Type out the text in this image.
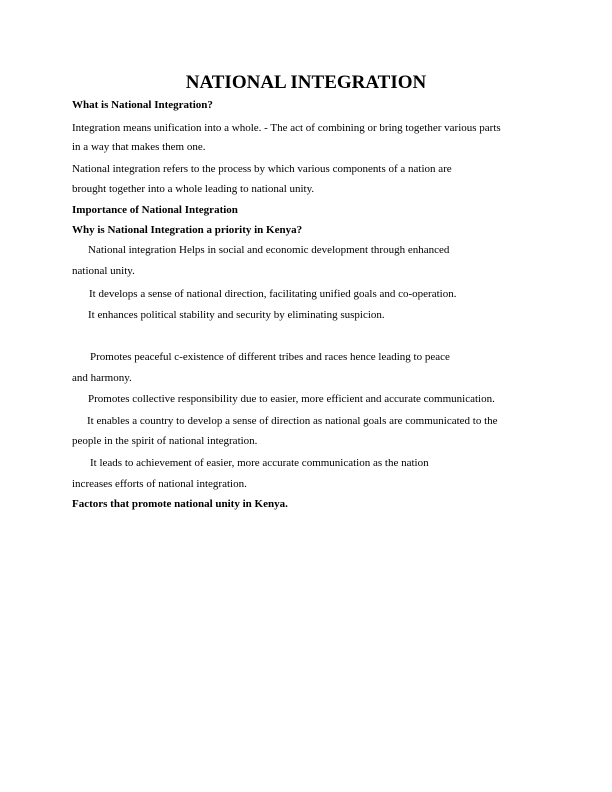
NATIONAL INTEGRATION
What is National Integration?
Integration means unification into a whole. - The act of combining or bring together various parts
in a way that makes them one.
National integration refers to the process by which various components of a nation are
brought together into a whole leading to national unity.
Importance of National Integration
Why is National Integration a priority in Kenya?
National integration Helps in social and economic development through enhanced
national unity.
It develops a sense of national direction, facilitating unified goals and co-operation.
It enhances political stability and security by eliminating suspicion.
Promotes peaceful c-existence of different tribes and races hence leading to peace
and harmony.
Promotes collective responsibility due to easier, more efficient and accurate communication.
It enables a country to develop a sense of direction as national goals are communicated to the
people in the spirit of national integration.
It leads to achievement of easier, more accurate communication as the nation
increases efforts of national integration.
Factors that promote national unity in Kenya.
